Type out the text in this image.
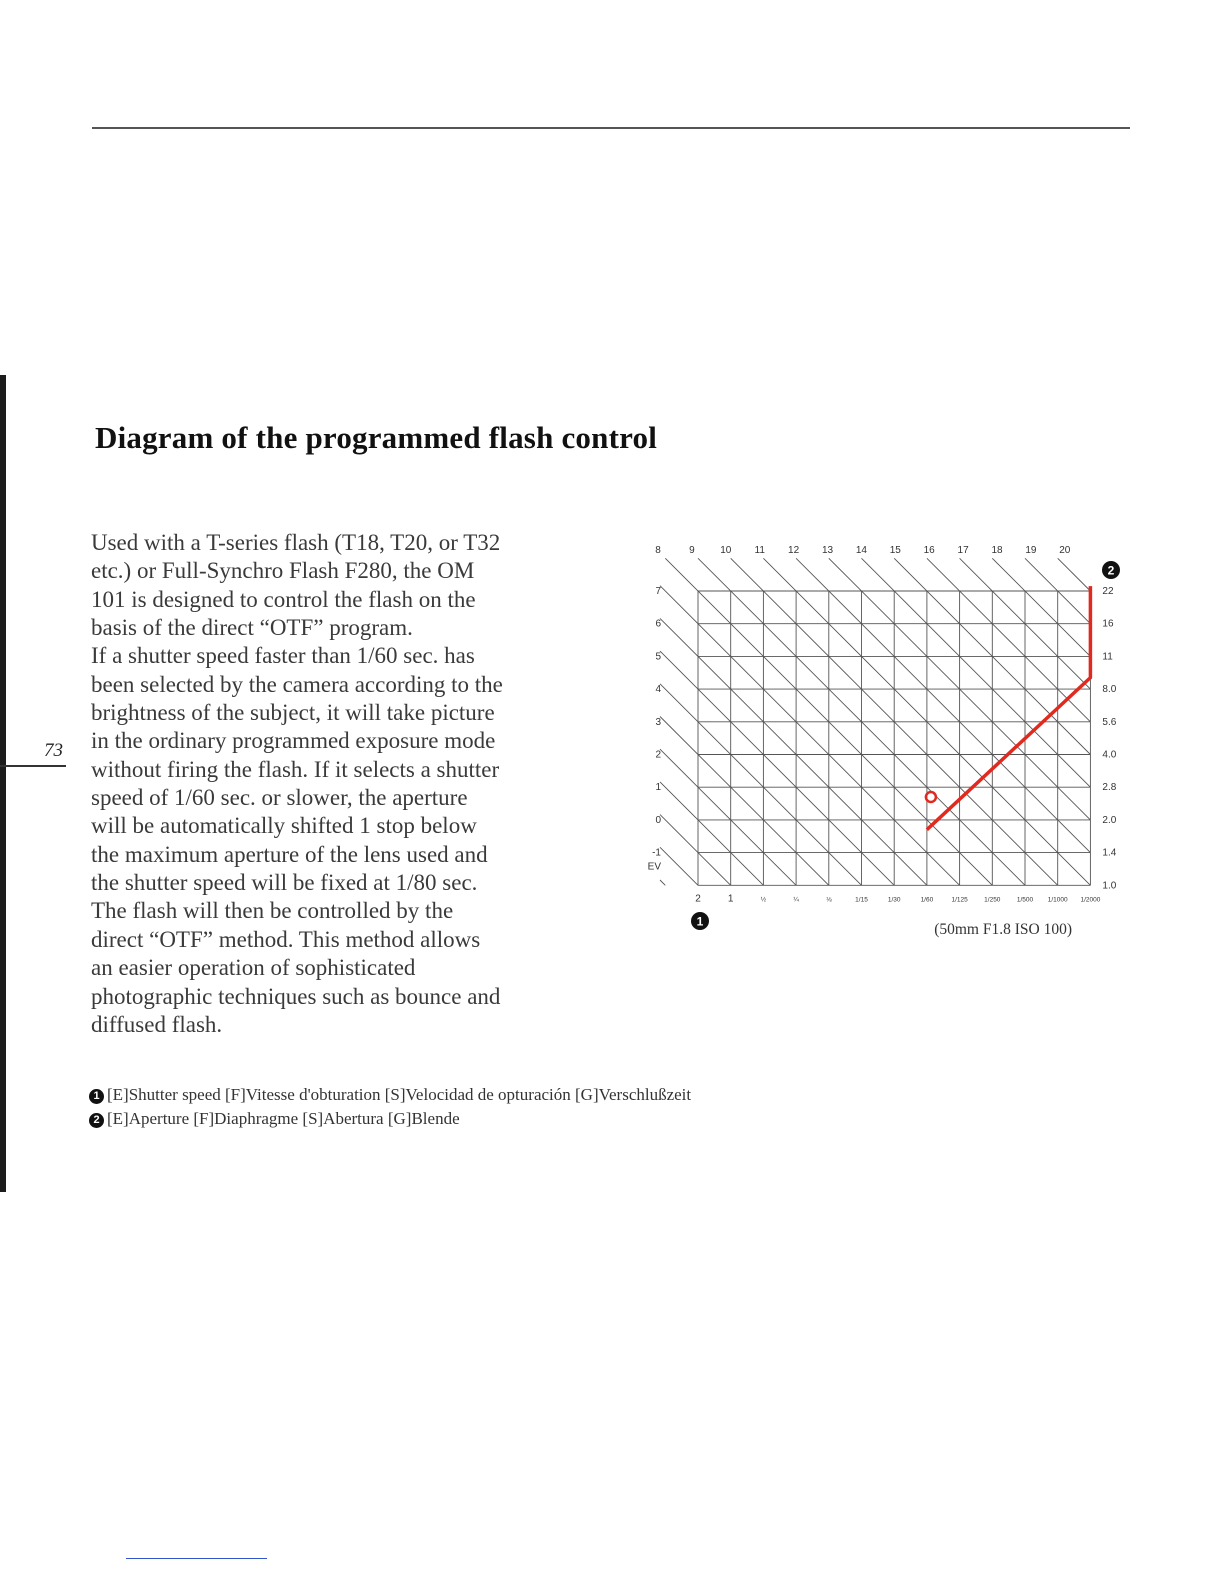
73
Diagram of the programmed flash control
Used with a T-series flash (T18, T20, or T32
etc.) or Full-Synchro Flash F280, the OM
101 is designed to control the flash on the
basis of the direct “OTF” program.
If a shutter speed faster than 1/60 sec. has
been selected by the camera according to the
brightness of the subject, it will take picture
in the ordinary programmed exposure mode
without firing the flash. If it selects a shutter
speed of 1/60 sec. or slower, the aperture
will be automatically shifted 1 stop below
the maximum aperture of the lens used and
the shutter speed will be fixed at 1/80 sec.
The flash will then be controlled by the
direct “OTF” method. This method allows
an easier operation of sophisticated
photographic techniques such as bounce and
diffused flash.
8	9	10 11 12 13 14 15 16 17 18 19 20
7
6
5
4
3
2
1
0
-1
EV
22
16
11
8.0
5.6
4.0
2.8
2.0
1.4
1.0
2	1	½	¼	⅛	1/15	1/30	1/60	1/125	1/250	1/500 1/1000 1/2000
1
2
(50mm F1.8 ISO 100)
1 [E]Shutter speed [F]Vitesse d'obturation [S]Velocidad de opturación [G]Verschlußzeit
2 [E]Aperture [F]Diaphragme [S]Abertura [G]Blende
